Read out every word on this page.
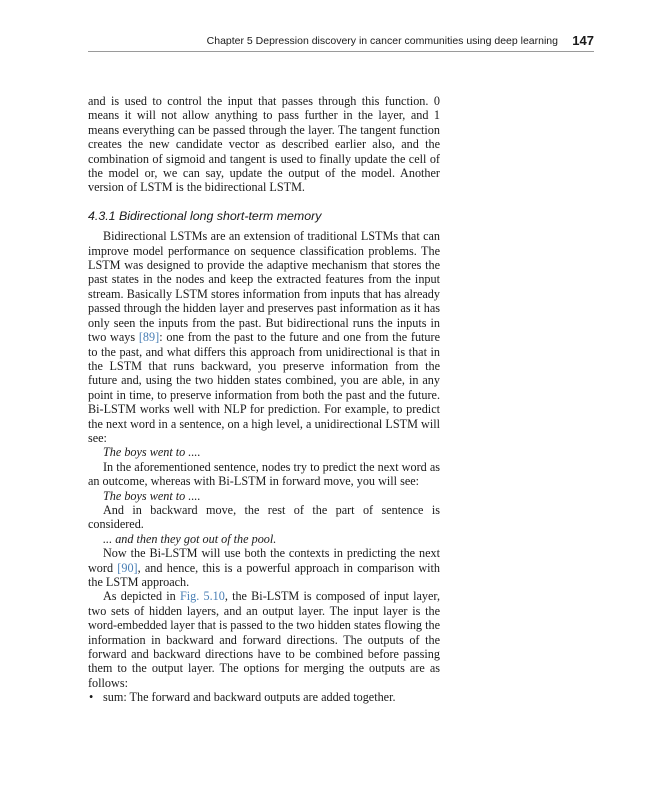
Chapter 5 Depression discovery in cancer communities using deep learning 147

and is used to control the input that passes through this function. 0 means it will not allow anything to pass further in the layer, and 1 means everything can be passed through the layer. The tangent function creates the new candidate vector as described earlier also, and the combination of sigmoid and tangent is used to finally update the cell of the model or, we can say, update the output of the model. Another version of LSTM is the bidirectional LSTM.

4.3.1 Bidirectional long short-term memory

Bidirectional LSTMs are an extension of traditional LSTMs that can improve model performance on sequence classification problems. The LSTM was designed to provide the adaptive mechanism that stores the past states in the nodes and keep the extracted features from the input stream. Basically LSTM stores information from inputs that has already passed through the hidden layer and preserves past information as it has only seen the inputs from the past. But bidirectional runs the inputs in two ways [89]: one from the past to the future and one from the future to the past, and what differs this approach from unidirectional is that in the LSTM that runs backward, you preserve information from the future and, using the two hidden states combined, you are able, in any point in time, to preserve information from both the past and the future. Bi-LSTM works well with NLP for prediction. For example, to predict the next word in a sentence, on a high level, a unidirectional LSTM will see:

The boys went to ....

In the aforementioned sentence, nodes try to predict the next word as an outcome, whereas with Bi-LSTM in forward move, you will see:

The boys went to ....

And in backward move, the rest of the part of sentence is considered.

... and then they got out of the pool.

Now the Bi-LSTM will use both the contexts in predicting the next word [90], and hence, this is a powerful approach in comparison with the LSTM approach.

As depicted in Fig. 5.10, the Bi-LSTM is composed of input layer, two sets of hidden layers, and an output layer. The input layer is the word-embedded layer that is passed to the two hidden states flowing the information in backward and forward directions. The outputs of the forward and backward directions have to be combined before passing them to the output layer. The options for merging the outputs are as follows:

• sum: The forward and backward outputs are added together.
